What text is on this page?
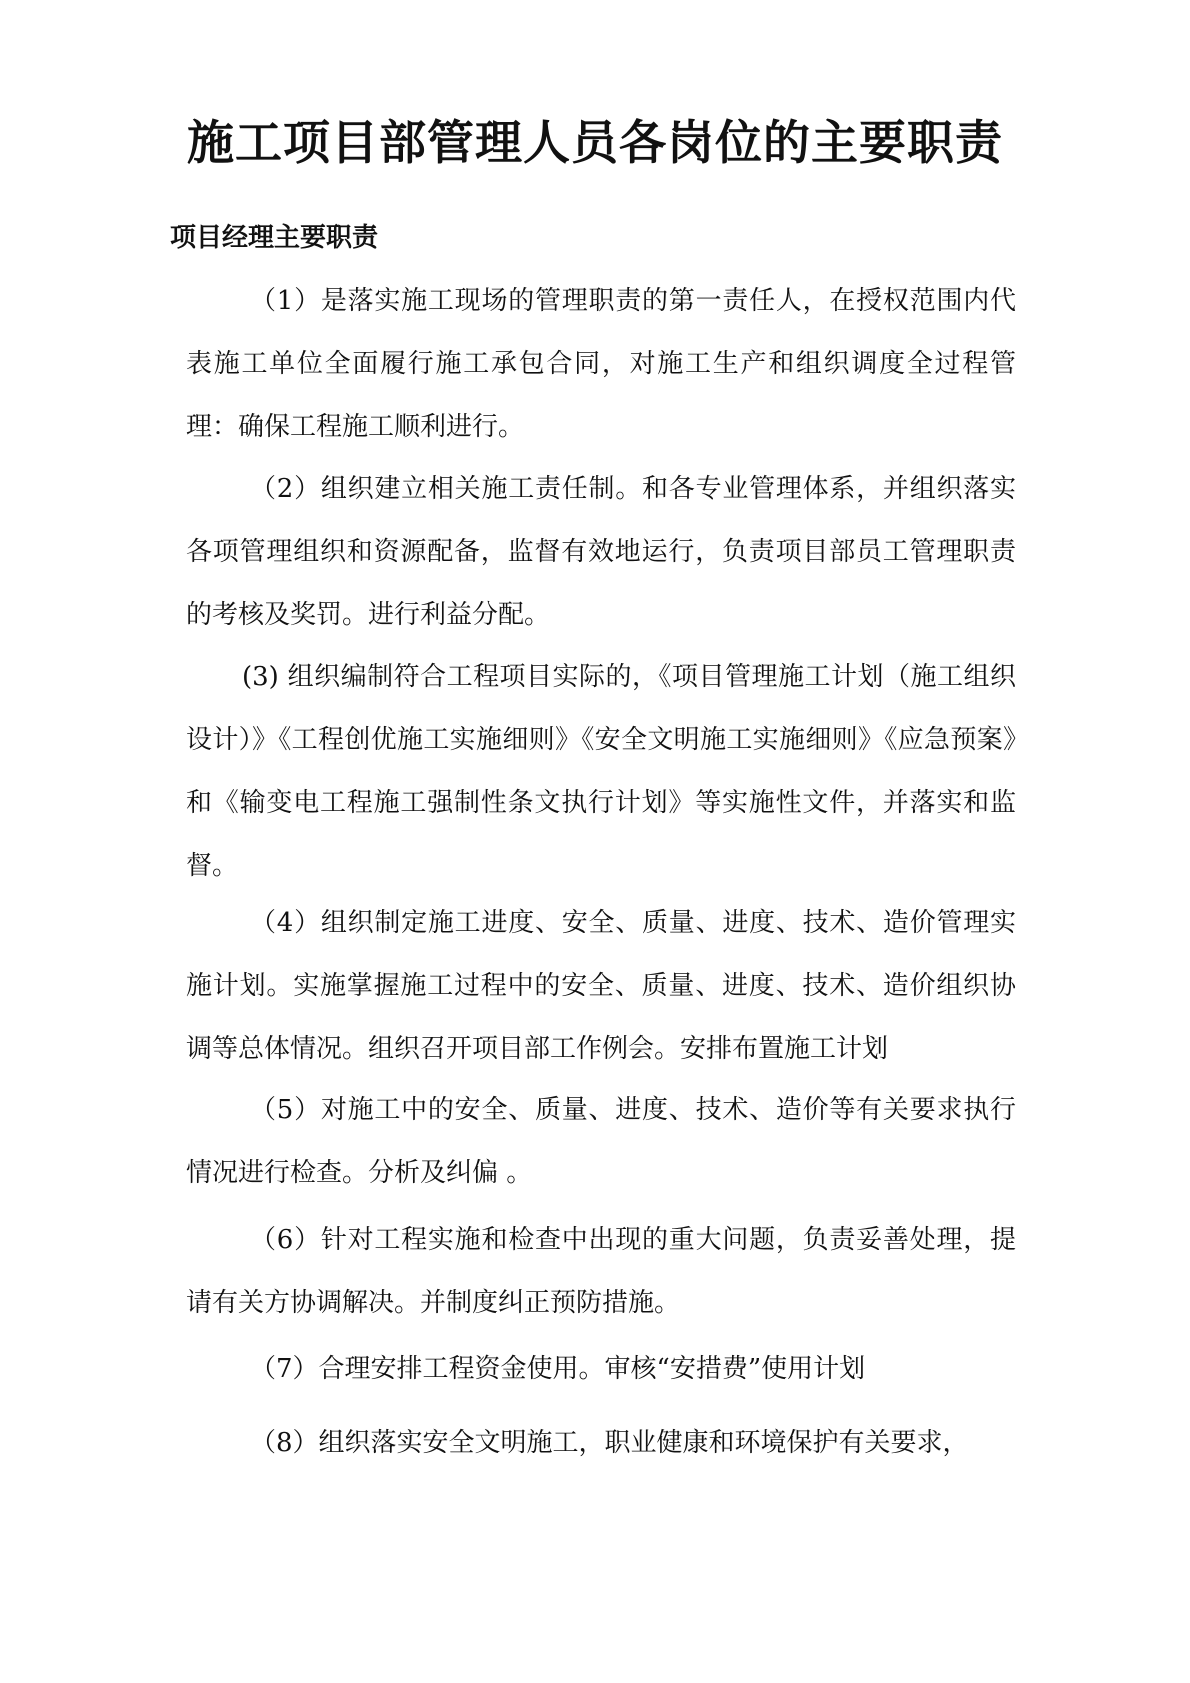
施工项目部管理人员各岗位的主要职责
项目经理主要职责

（1）是落实施工现场的管理职责的第一责任人，在授权范围内代表施工单位全面履行施工承包合同，对施工生产和组织调度全过程管理：确保工程施工顺利进行。

（2）组织建立相关施工责任制。和各专业管理体系，并组织落实各项管理组织和资源配备，监督有效地运行，负责项目部员工管理职责的考核及奖罚。进行利益分配。

(3) 组织编制符合工程项目实际的，《项目管理施工计划（施工组织设计）》《工程创优施工实施细则》《安全文明施工实施细则》《应急预案》和《输变电工程施工强制性条文执行计划》等实施性文件，并落实和监督。

（4）组织制定施工进度、安全、质量、进度、技术、造价管理实施计划。实施掌握施工过程中的安全、质量、进度、技术、造价组织协调等总体情况。组织召开项目部工作例会。安排布置施工计划

（5）对施工中的安全、质量、进度、技术、造价等有关要求执行情况进行检查。分析及纠偏 。

（6）针对工程实施和检查中出现的重大问题，负责妥善处理，提请有关方协调解决。并制度纠正预防措施。

（7）合理安排工程资金使用。审核“安措费”使用计划

（8）组织落实安全文明施工，职业健康和环境保护有关要求，
